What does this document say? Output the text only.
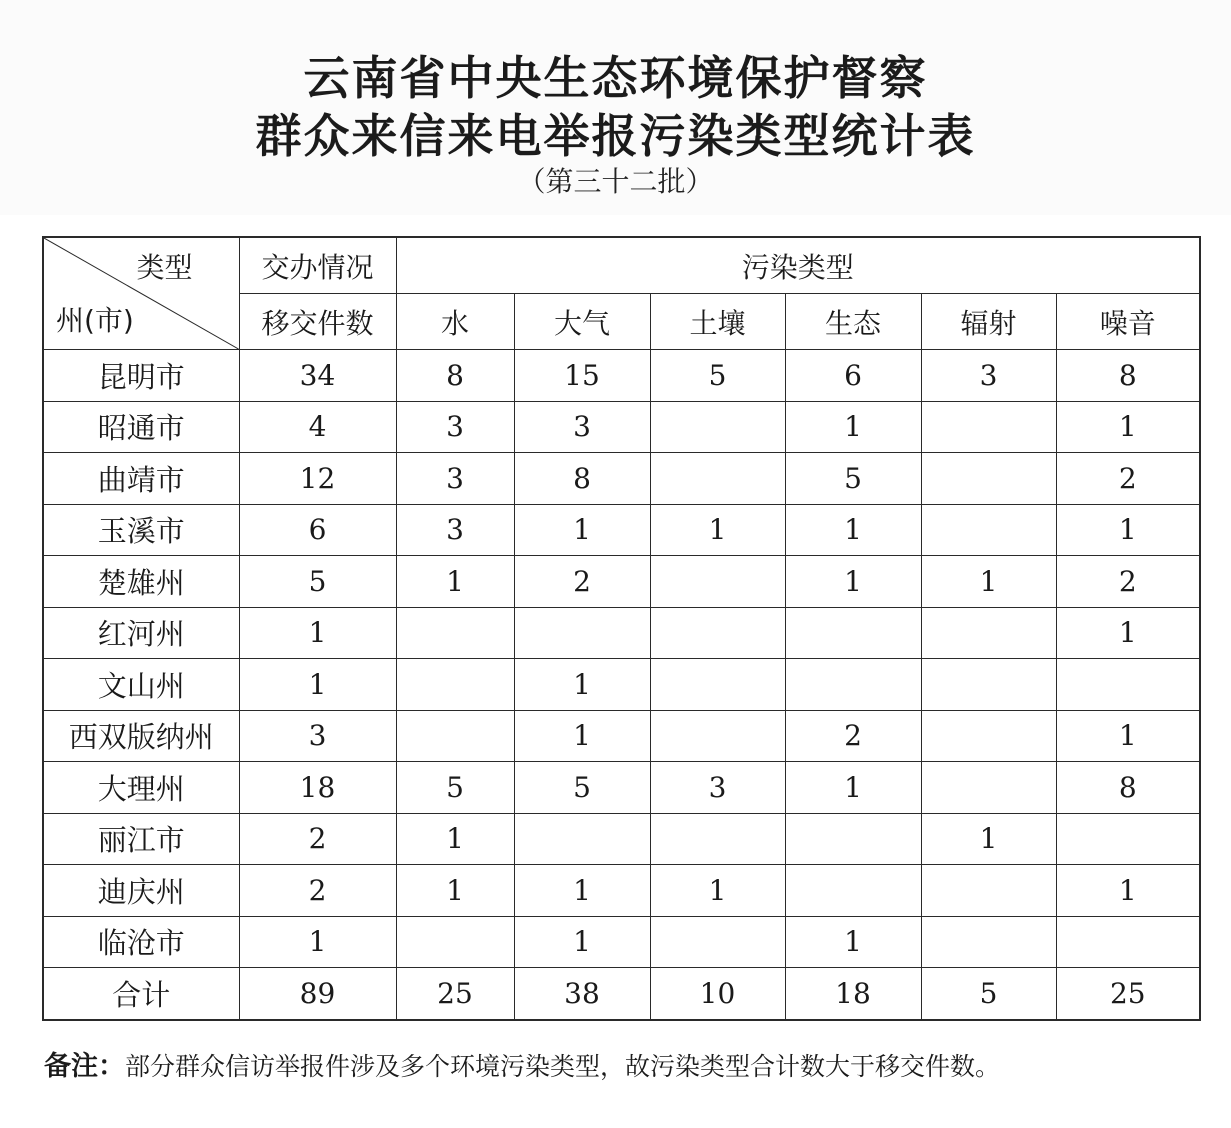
云南省中央生态环境保护督察
群众来信来电举报污染类型统计表
（第三十二批）
类型
州(市)	交办情况	污染类型					
	移交件数	水	大气	土壤	生态	辐射	噪音
昆明市	34	8	15	5	6	3	8
昭通市	4	3	3		1		1
曲靖市	12	3	8		5		2
玉溪市	6	3	1	1	1		1
楚雄州	5	1	2		1	1	2
红河州	1						1
文山州	1		1				
西双版纳州	3		1		2		1
大理州	18	5	5	3	1		8
丽江市	2	1				1	
迪庆州	2	1	1	1			1
临沧市	1		1		1		
合计	89	25	38	10	18	5	25
备注：部分群众信访举报件涉及多个环境污染类型，故污染类型合计数大于移交件数。
